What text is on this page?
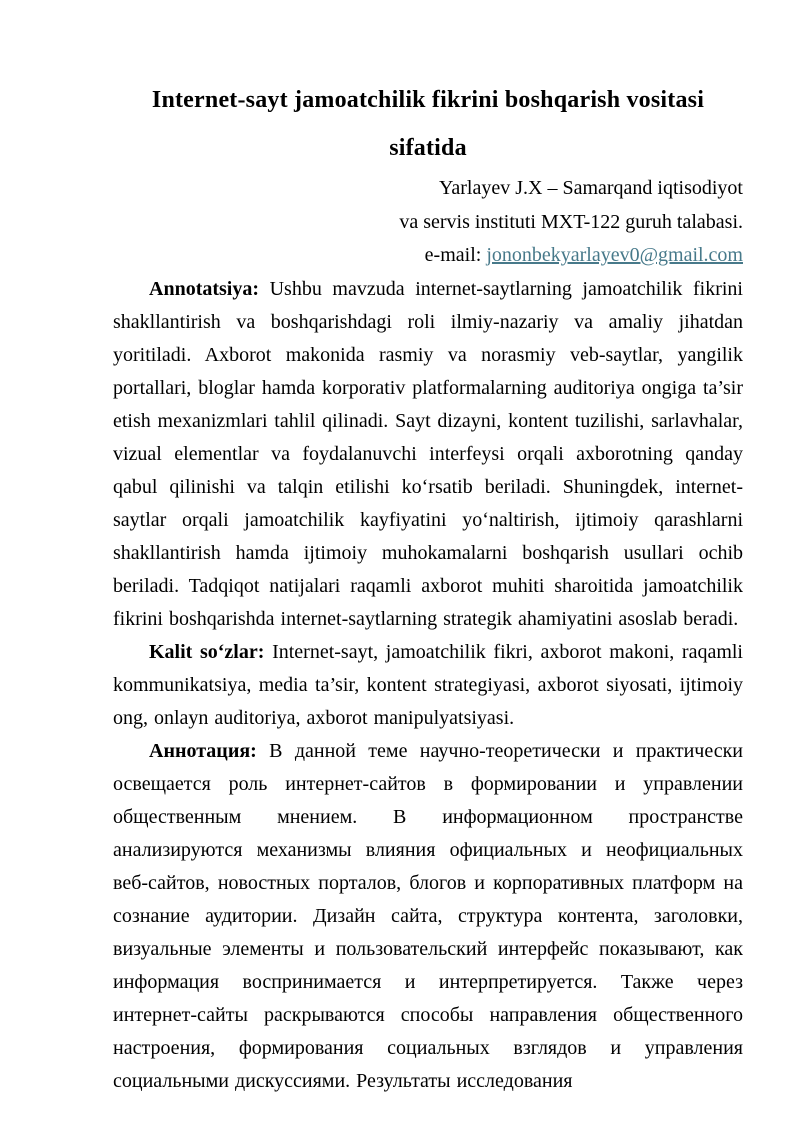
Internet-sayt jamoatchilik fikrini boshqarish vositasi
sifatida
Yarlayev J.X – Samarqand iqtisodiyot
va servis instituti MXT-122 guruh talabasi.
e-mail: jononbekyarlayev0@gmail.com

Annotatsiya: Ushbu mavzuda internet-saytlarning jamoatchilik fikrini shakllantirish va boshqarishdagi roli ilmiy-nazariy va amaliy jihatdan yoritiladi. Axborot makonida rasmiy va norasmiy veb-saytlar, yangilik portallari, bloglar hamda korporativ platformalarning auditoriya ongiga ta’sir etish mexanizmlari tahlil qilinadi. Sayt dizayni, kontent tuzilishi, sarlavhalar, vizual elementlar va foydalanuvchi interfeysi orqali axborotning qanday qabul qilinishi va talqin etilishi koʻrsatib beriladi. Shuningdek, internet-saytlar orqali jamoatchilik kayfiyatini yoʻnaltirish, ijtimoiy qarashlarni shakllantirish hamda ijtimoiy muhokamalarni boshqarish usullari ochib beriladi. Tadqiqot natijalari raqamli axborot muhiti sharoitida jamoatchilik fikrini boshqarishda internet-saytlarning strategik ahamiyatini asoslab beradi.

Kalit soʻzlar: Internet-sayt, jamoatchilik fikri, axborot makoni, raqamli kommunikatsiya, media ta’sir, kontent strategiyasi, axborot siyosati, ijtimoiy ong, onlayn auditoriya, axborot manipulyatsiyasi.

Аннотация: В данной теме научно-теоретически и практически освещается роль интернет-сайтов в формировании и управлении общественным мнением. В информационном пространстве анализируются механизмы влияния официальных и неофициальных веб-сайтов, новостных порталов, блогов и корпоративных платформ на сознание аудитории. Дизайн сайта, структура контента, заголовки, визуальные элементы и пользовательский интерфейс показывают, как информация воспринимается и интерпретируется. Также через интернет-сайты раскрываются способы направления общественного настроения, формирования социальных взглядов и управления социальными дискуссиями. Результаты исследования
